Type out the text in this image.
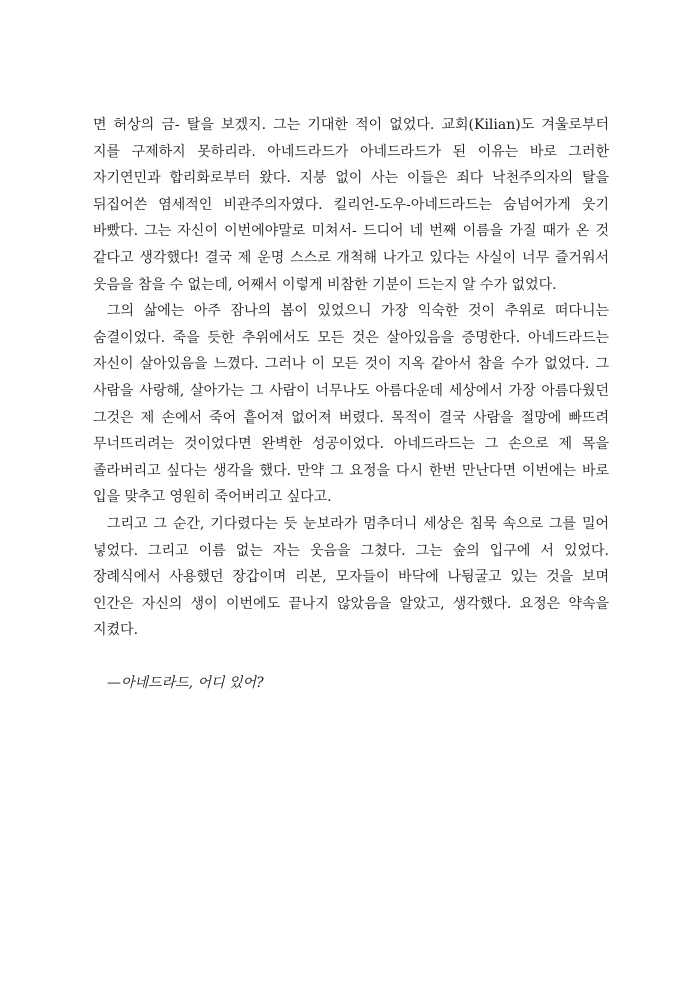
면 허상의 금- 탈을 보겠지. 그는 기대한 적이 없었다. 교회(Kilian)도 겨울로부터 지를 구제하지 못하리라. 아네드라드가 아네드라드가 된 이유는 바로 그러한 자기연민과 합리화로부터 왔다. 지붕 없이 사는 이들은 죄다 낙천주의자의 탈을 뒤집어쓴 염세적인 비관주의자였다. 킬리언-도우-아네드라드는 숨넘어가게 웃기 바빴다. 그는 자신이 이번에야말로 미쳐서- 드디어 네 번째 이름을 가질 때가 온 것 같다고 생각했다! 결국 제 운명 스스로 개척해 나가고 있다는 사실이 너무 즐거워서 웃음을 참을 수 없는데, 어째서 이렇게 비참한 기분이 드는지 알 수가 없었다.

그의 삶에는 아주 잠나의 봄이 있었으니 가장 익숙한 것이 추위로 떠다니는 숨결이었다. 죽을 듯한 추위에서도 모든 것은 살아있음을 증명한다. 아네드라드는 자신이 살아있음을 느꼈다. 그러나 이 모든 것이 지옥 같아서 참을 수가 없었다. 그 사람을 사랑해, 살아가는 그 사람이 너무나도 아름다운데 세상에서 가장 아름다웠던 그것은 제 손에서 죽어 흩어져 없어져 버렸다. 목적이 결국 사람을 절망에 빠뜨려 무너뜨리려는 것이었다면 완벽한 성공이었다. 아네드라드는 그 손으로 제 목을 졸라버리고 싶다는 생각을 했다. 만약 그 요정을 다시 한번 만난다면 이번에는 바로 입을 맞추고 영원히 죽어버리고 싶다고.

그리고 그 순간, 기다렸다는 듯 눈보라가 멈추더니 세상은 침묵 속으로 그를 밀어 넣었다. 그리고 이름 없는 자는 웃음을 그쳤다. 그는 숲의 입구에 서 있었다. 장례식에서 사용했던 장갑이며 리본, 모자들이 바닥에 나뒹굴고 있는 것을 보며 인간은 자신의 생이 이번에도 끝나지 않았음을 알았고, 생각했다. 요정은 약속을 지켰다.

—아네드라드, 어디 있어?
